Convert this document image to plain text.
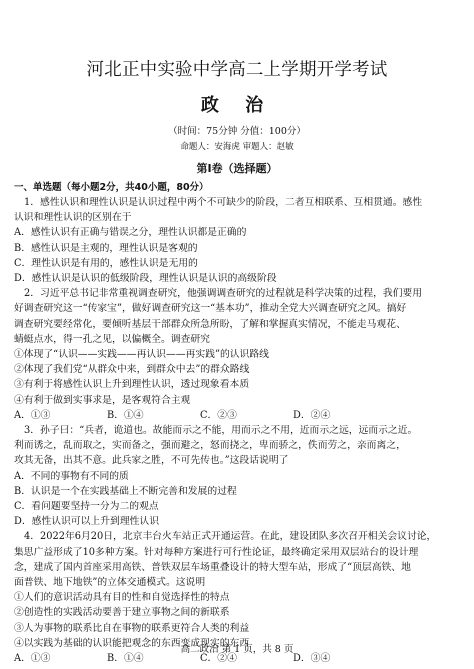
河北正中实验中学高二上学期开学考试
政 治
（时间：75分钟 分值：100分）
命题人：安海虎 审题人：赵敏
第Ⅰ卷（选择题）
一、单选题（每小题2分，共40小题，80分）
1．感性认识和理性认识是认识过程中两个不可缺少的阶段，二者互相联系、互相贯通。感性
认识和理性认识的区别在于
A．感性认识有正确与错误之分，理性认识都是正确的
B．感性认识是主观的，理性认识是客观的
C．理性认识是有用的，感性认识是无用的
D．感性认识是认识的低级阶段，理性认识是认识的高级阶段
2．习近平总书记非常重视调查研究，他强调调查研究的过程就是科学决策的过程，我们要用
好调查研究这一“传家宝”，做好调查研究这一“基本功”，推动全党大兴调查研究之风。搞好
调查研究要经常化，要倾听基层干部群众所急所盼，了解和掌握真实情况，不能走马观花、
蜻蜓点水，得一孔之见，以偏概全。调查研究
①体现了“认识——实践——再认识——再实践”的认识路线
②体现了我们党“从群众中来，到群众中去”的群众路线
③有利于将感性认识上升到理性认识，透过现象看本质
④有利于做到实事求是，是客观符合主观
A．①③	B．①④	C．②③	D．②④
3．孙子曰：“兵者，诡道也。故能而示之不能，用而示之不用，近而示之远，远而示之近。
利而诱之，乱而取之，实而备之，强而避之，怒而挠之，卑而骄之，佚而劳之，亲而离之，
攻其无备，出其不意。此兵家之胜，不可先传也。”这段话说明了
A．不同的事物有不同的质
B．认识是一个在实践基础上不断完善和发展的过程
C．看问题要坚持一分为二的观点
D．感性认识可以上升到理性认识
4．2022年6月20日，北京丰台火车站正式开通运营。在此，建设团队多次召开相关会议讨论，
集思广益形成了10多种方案。针对每种方案进行可行性论证，最终确定采用双层站台的设计理
念，建成了国内首座采用高铁、普铁双层车场重叠设计的特大型车站，形成了“顶层高铁、地
面普铁、地下地铁”的立体交通模式。这说明
①人们的意识活动具有目的性和自觉选择性的特点
②创造性的实践活动要善于建立事物之间的新联系
③人为事物的联系比自在事物的联系更符合人类的利益
④以实践为基础的认识能把观念的东西变成现实的东西
A．①③	B．①④	C．②④	D．③④
高二政治 第 1 页，共 8 页
